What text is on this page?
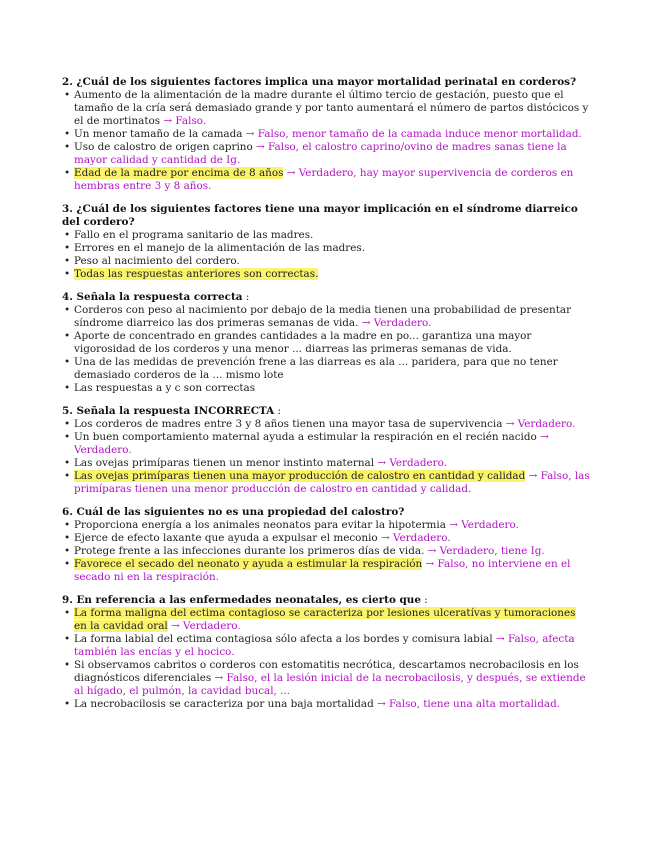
2. ¿Cuál de los siguientes factores implica una mayor mortalidad perinatal en corderos?
• Aumento de la alimentación de la madre durante el último tercio de gestación, puesto que el tamaño de la cría será demasiado grande y por tanto aumentará el número de partos distócicos y el de mortinatos → Falso.
• Un menor tamaño de la camada → Falso, menor tamaño de la camada induce menor mortalidad.
• Uso de calostro de origen caprino → Falso, el calostro caprino/ovino de madres sanas tiene la mayor calidad y cantidad de Ig.
• Edad de la madre por encima de 8 años → Verdadero, hay mayor supervivencia de corderos en hembras entre 3 y 8 años.
3. ¿Cuál de los siguientes factores tiene una mayor implicación en el síndrome diarreico del cordero?
• Fallo en el programa sanitario de las madres.
• Errores en el manejo de la alimentación de las madres.
• Peso al nacimiento del cordero.
• Todas las respuestas anteriores son correctas.
4. Señala la respuesta correcta :
• Corderos con peso al nacimiento por debajo de la media tienen una probabilidad de presentar síndrome diarreico las dos primeras semanas de vida. → Verdadero.
• Aporte de concentrado en grandes cantidades a la madre en po... garantiza una mayor vigorosidad de los corderos y una menor ... diarreas las primeras semanas de vida.
• Una de las medidas de prevención frene a las diarreas es ala ... paridera, para que no tener demasiado corderos de la ... mismo lote
• Las respuestas a y c son correctas
5. Señala la respuesta INCORRECTA :
• Los corderos de madres entre 3 y 8 años tienen una mayor tasa de supervivencia → Verdadero.
• Un buen comportamiento maternal ayuda a estimular la respiración en el recién nacido → Verdadero.
• Las ovejas primíparas tienen un menor instinto maternal → Verdadero.
• Las ovejas primíparas tienen una mayor producción de calostro en cantidad y calidad → Falso, las primíparas tienen una menor producción de calostro en cantidad y calidad.
6. Cuál de las siguientes no es una propiedad del calostro?
• Proporciona energía a los animales neonatos para evitar la hipotermia → Verdadero.
• Ejerce de efecto laxante que ayuda a expulsar el meconio → Verdadero.
• Protege frente a las infecciones durante los primeros días de vida. → Verdadero, tiene Ig.
• Favorece el secado del neonato y ayuda a estimular la respiración → Falso, no interviene en el secado ni en la respiración.
9. En referencia a las enfermedades neonatales, es cierto que :
• La forma maligna del ectima contagioso se caracteriza por lesiones ulceratívas y tumoraciones en la cavidad oral → Verdadero.
• La forma labial del ectima contagiosa sólo afecta a los bordes y comisura labial → Falso, afecta también las encías y el hocico.
• Si observamos cabritos o corderos con estomatitis necrótica, descartamos necrobacilosis en los diagnósticos diferenciales → Falso, el la lesión inicial de la necrobacilosis, y después, se extiende al hígado, el pulmón, la cavidad bucal, ...
• La necrobacilosis se caracteriza por una baja mortalidad → Falso, tiene una alta mortalidad.
